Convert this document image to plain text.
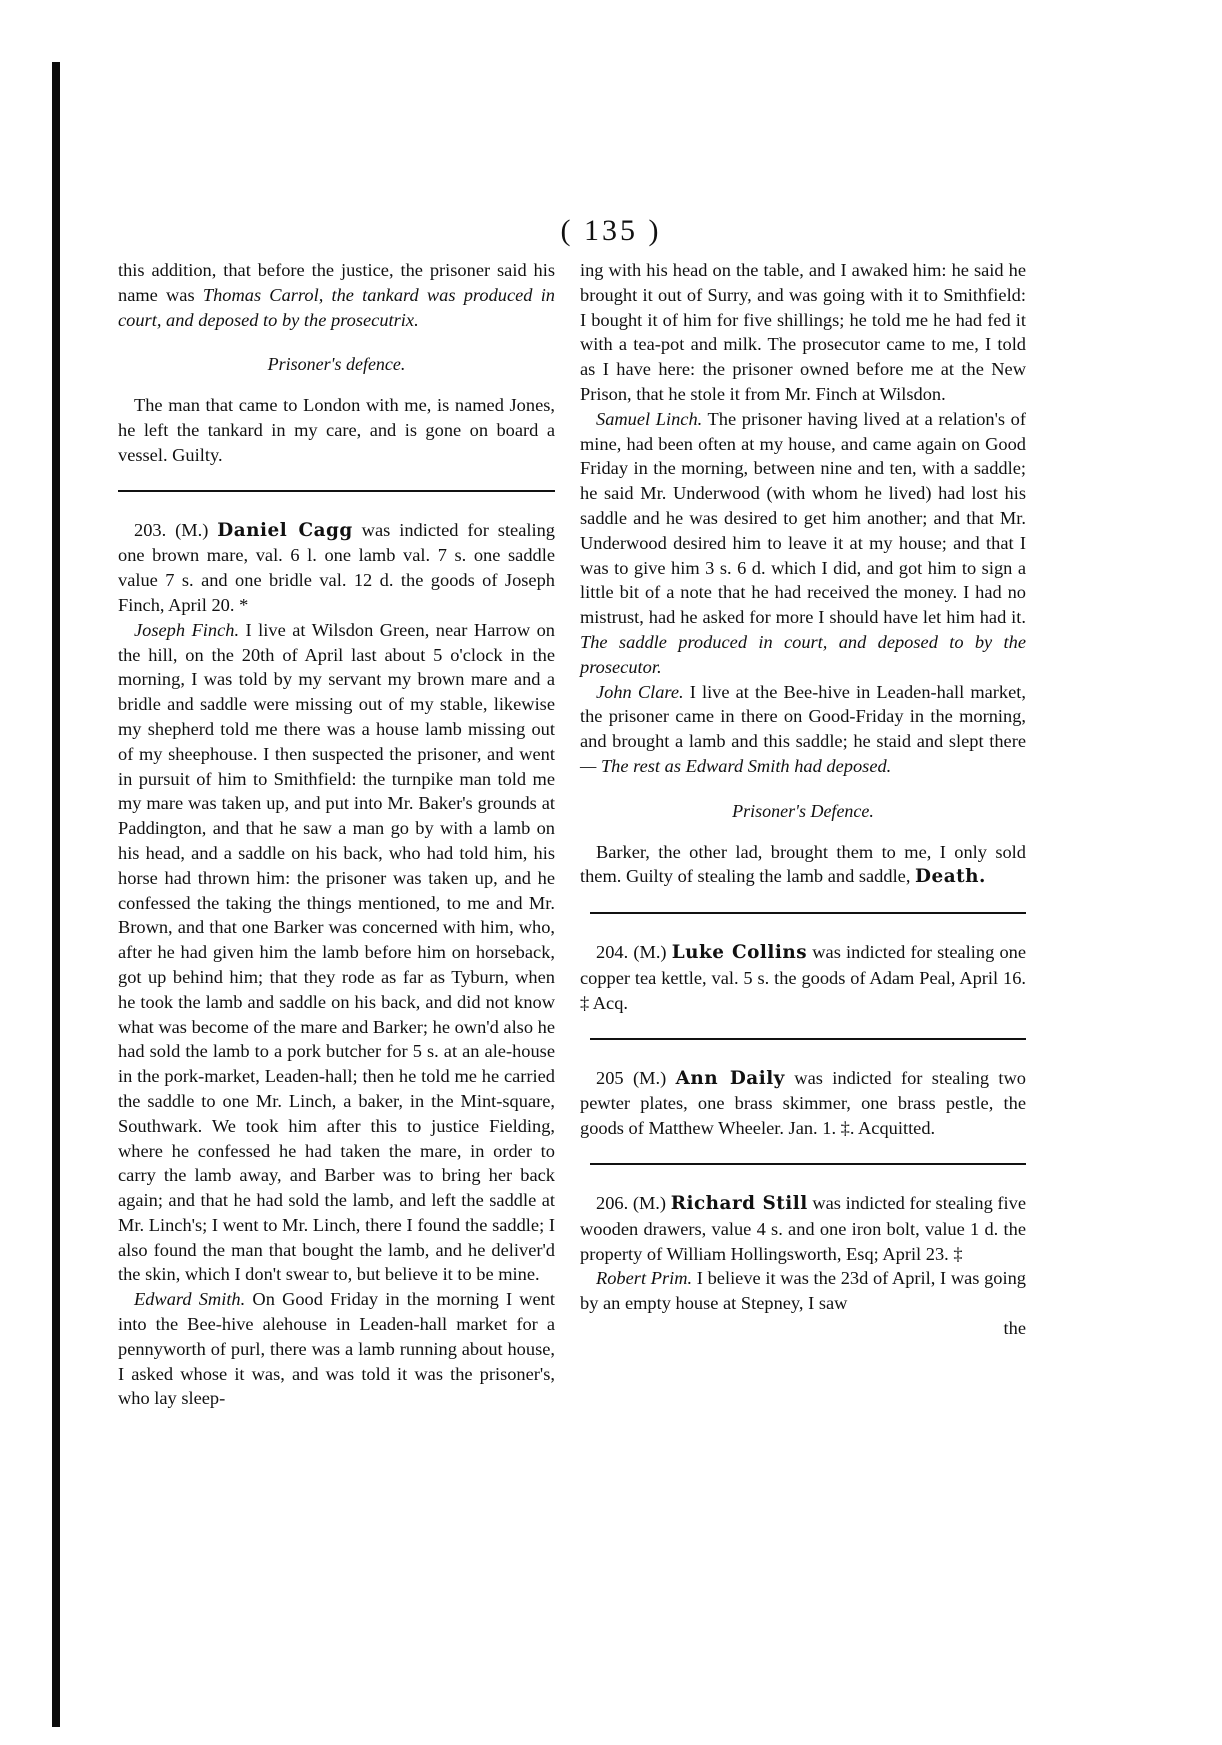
( 135 )

this addition, that before the justice, the prisoner said his name was Thomas Carrol, the tankard was produced in court, and deposed to by the prosecutrix.

Prisoner's defence.

The man that came to London with me, is named Jones, he left the tankard in my care, and is gone on board a vessel. Guilty.

203. (M.) Daniel Cagg was indicted for stealing one brown mare, val. 6 l. one lamb val. 7 s. one saddle value 7 s. and one bridle val. 12 d. the goods of Joseph Finch, April 20. *

Joseph Finch. I live at Wilsdon Green, near Harrow on the hill, on the 20th of April last about 5 o'clock in the morning, I was told by my servant my brown mare and a bridle and saddle were missing out of my stable, likewise my shepherd told me there was a house lamb missing out of my sheephouse. I then suspected the prisoner, and went in pursuit of him to Smithfield: the turnpike man told me my mare was taken up, and put into Mr. Baker's grounds at Paddington, and that he saw a man go by with a lamb on his head, and a saddle on his back, who had told him, his horse had thrown him: the prisoner was taken up, and he confessed the taking the things mentioned, to me and Mr. Brown, and that one Barker was concerned with him, who, after he had given him the lamb before him on horseback, got up behind him; that they rode as far as Tyburn, when he took the lamb and saddle on his back, and did not know what was become of the mare and Barker; he own'd also he had sold the lamb to a pork butcher for 5 s. at an ale-house in the pork-market, Leaden-hall; then he told me he carried the saddle to one Mr. Linch, a baker, in the Mint-square, Southwark. We took him after this to justice Fielding, where he confessed he had taken the mare, in order to carry the lamb away, and Barber was to bring her back again; and that he had sold the lamb, and left the saddle at Mr. Linch's; I went to Mr. Linch, there I found the saddle; I also found the man that bought the lamb, and he deliver'd the skin, which I don't swear to, but believe it to be mine.

Edward Smith. On Good Friday in the morning I went into the Bee-hive alehouse in Leaden-hall market for a pennyworth of purl, there was a lamb running about house, I asked whose it was, and was told it was the prisoner's, who lay sleep-

ing with his head on the table, and I awaked him: he said he brought it out of Surry, and was going with it to Smithfield: I bought it of him for five shillings; he told me he had fed it with a tea-pot and milk. The prosecutor came to me, I told as I have here: the prisoner owned before me at the New Prison, that he stole it from Mr. Finch at Wilsdon.

Samuel Linch. The prisoner having lived at a relation's of mine, had been often at my house, and came again on Good Friday in the morning, between nine and ten, with a saddle; he said Mr. Underwood (with whom he lived) had lost his saddle and he was desired to get him another; and that Mr. Underwood desired him to leave it at my house; and that I was to give him 3 s. 6 d. which I did, and got him to sign a little bit of a note that he had received the money. I had no mistrust, had he asked for more I should have let him had it. The saddle produced in court, and deposed to by the prosecutor.

John Clare. I live at the Bee-hive in Leaden-hall market, the prisoner came in there on Good-Friday in the morning, and brought a lamb and this saddle; he staid and slept there — The rest as Edward Smith had deposed.

Prisoner's Defence.

Barker, the other lad, brought them to me, I only sold them. Guilty of stealing the lamb and saddle, Death.

204. (M.) Luke Collins was indicted for stealing one copper tea kettle, val. 5 s. the goods of Adam Peal, April 16. ‡ Acq.

205 (M.) Ann Daily was indicted for stealing two pewter plates, one brass skimmer, one brass pestle, the goods of Matthew Wheeler. Jan. 1. ‡. Acquitted.

206. (M.) Richard Still was indicted for stealing five wooden drawers, value 4 s. and one iron bolt, value 1 d. the property of William Hollingsworth, Esq; April 23. ‡

Robert Prim. I believe it was the 23d of April, I was going by an empty house at Stepney, I saw

the
